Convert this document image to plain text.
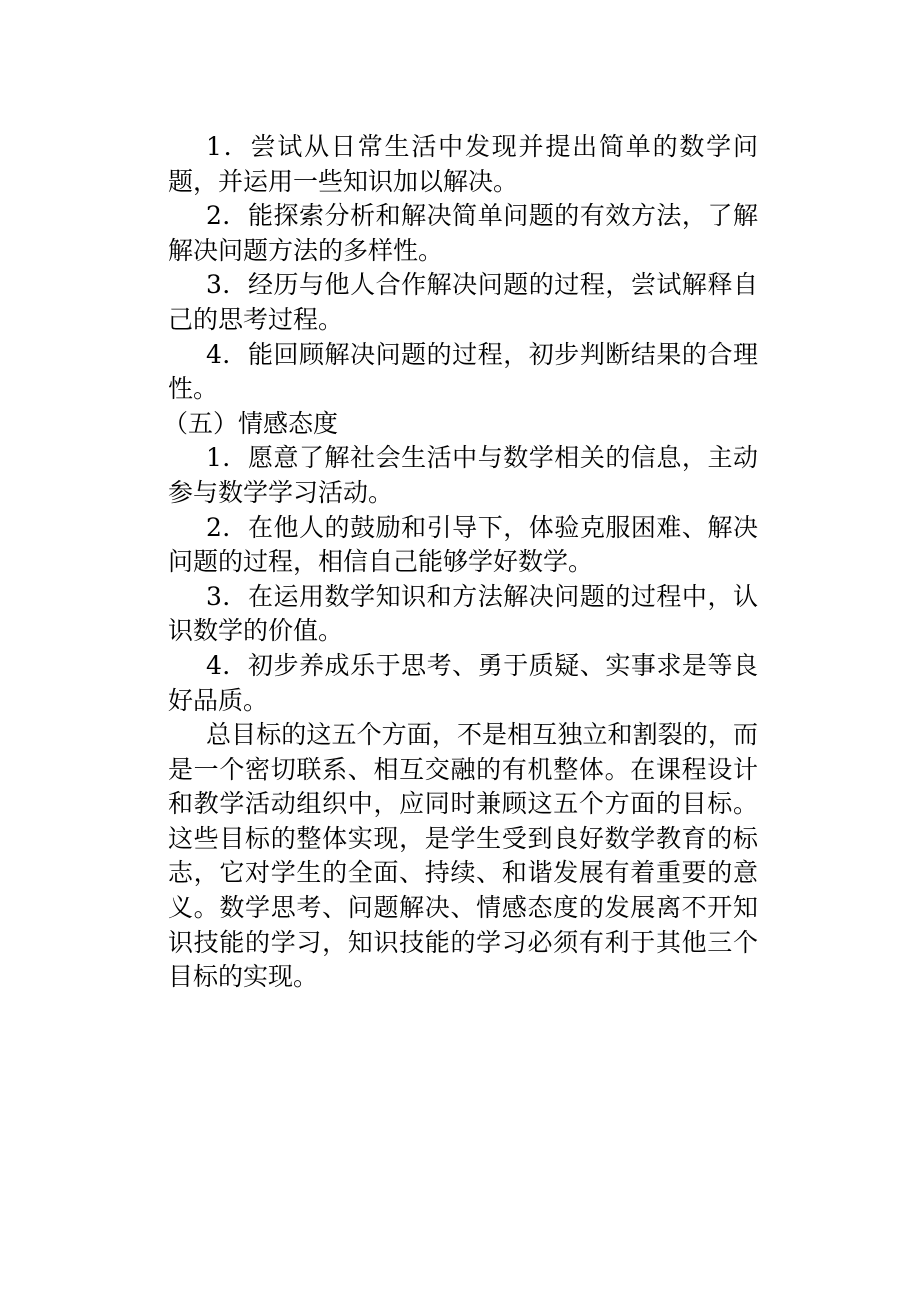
1．尝试从日常生活中发现并提出简单的数学问题，并运用一些知识加以解决。

2．能探索分析和解决简单问题的有效方法，了解解决问题方法的多样性。

3．经历与他人合作解决问题的过程，尝试解释自己的思考过程。

4．能回顾解决问题的过程，初步判断结果的合理性。

（五）情感态度

1．愿意了解社会生活中与数学相关的信息，主动参与数学学习活动。

2．在他人的鼓励和引导下，体验克服困难、解决问题的过程，相信自己能够学好数学。

3．在运用数学知识和方法解决问题的过程中，认识数学的价值。

4．初步养成乐于思考、勇于质疑、实事求是等良好品质。

总目标的这五个方面，不是相互独立和割裂的，而是一个密切联系、相互交融的有机整体。在课程设计和教学活动组织中，应同时兼顾这五个方面的目标。这些目标的整体实现，是学生受到良好数学教育的标志，它对学生的全面、持续、和谐发展有着重要的意义。数学思考、问题解决、情感态度的发展离不开知识技能的学习，知识技能的学习必须有利于其他三个目标的实现。
